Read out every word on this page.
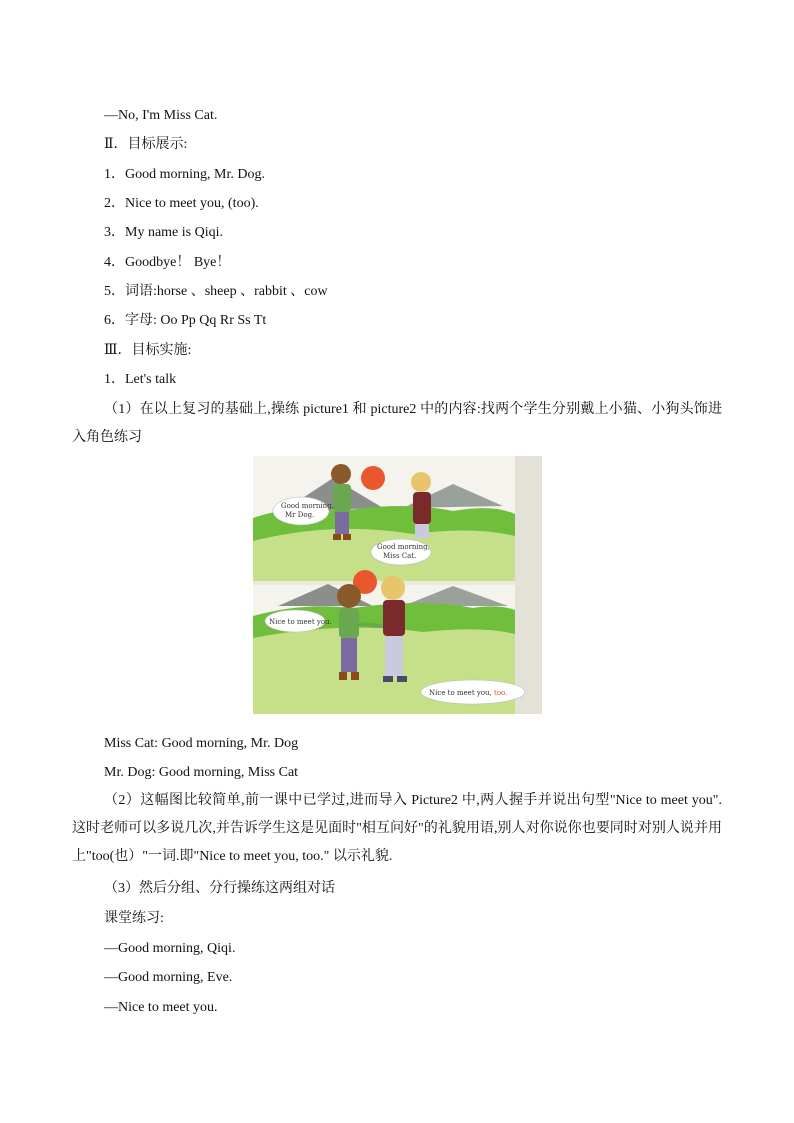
—No, I'm Miss Cat.
Ⅱ．目标展示:
1．Good morning, Mr. Dog.
2．Nice to meet you, (too).
3．My name is Qiqi.
4．Goodbye！ Bye！
5．词语:horse 、sheep 、rabbit 、cow
6．字母: Oo Pp Qq Rr Ss Tt
Ⅲ．目标实施:
1．Let's talk
（1）在以上复习的基础上,操练 picture1 和 picture2 中的内容:找两个学生分别戴上小猫、小狗头饰进入角色练习
Good morning,
Mr Dog.
Good morning,
Miss Cat.
Nice to meet you.
Nice to meet you, too.
Miss Cat: Good morning, Mr. Dog
Mr. Dog: Good morning, Miss Cat
（2）这幅图比较简单,前一课中已学过,进而导入 Picture2 中,两人握手并说出句型"Nice to meet you". 这时老师可以多说几次,并告诉学生这是见面时"相互问好"的礼貌用语,别人对你说你也要同时对别人说并用上"too(也）"一词.即"Nice to meet you, too." 以示礼貌.
（3）然后分组、分行操练这两组对话
课堂练习:
—Good morning, Qiqi.
—Good morning, Eve.
—Nice to meet you.
